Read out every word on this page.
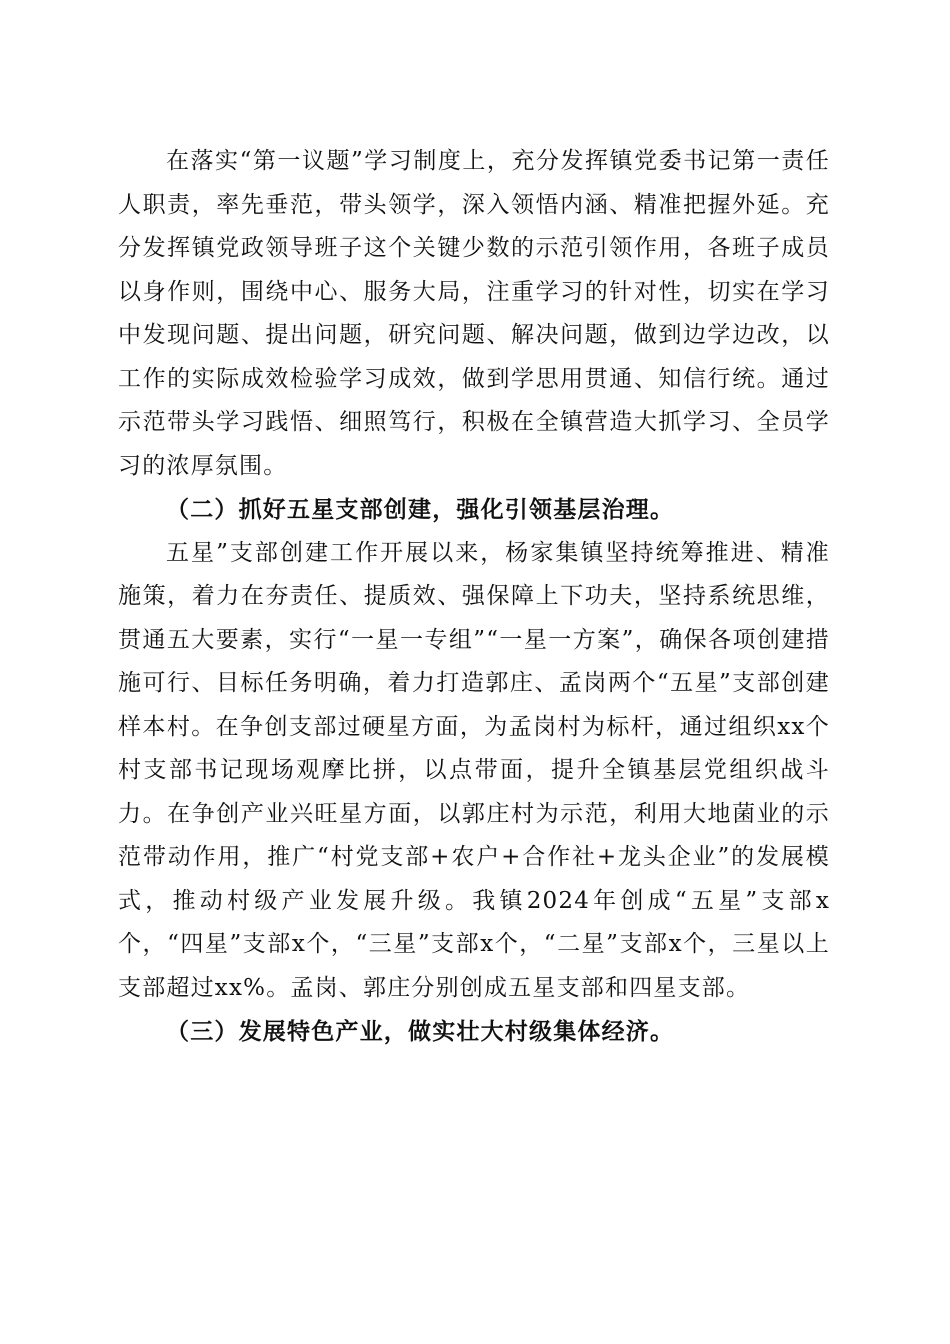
在落实“第一议题”学习制度上，充分发挥镇党委书记第一责任人职责，率先垂范，带头领学，深入领悟内涵、精准把握外延。充分发挥镇党政领导班子这个关键少数的示范引领作用，各班子成员以身作则，围绕中心、服务大局，注重学习的针对性，切实在学习中发现问题、提出问题，研究问题、解决问题，做到边学边改，以工作的实际成效检验学习成效，做到学思用贯通、知信行统。通过示范带头学习践悟、细照笃行，积极在全镇营造大抓学习、全员学习的浓厚氛围。

（二）抓好五星支部创建，强化引领基层治理。

五星”支部创建工作开展以来，杨家集镇坚持统筹推进、精准施策，着力在夯责任、提质效、强保障上下功夫，坚持系统思维，贯通五大要素，实行“一星一专组”“一星一方案”，确保各项创建措施可行、目标任务明确，着力打造郭庄、孟岗两个“五星”支部创建样本村。在争创支部过硬星方面，为孟岗村为标杆，通过组织xx个村支部书记现场观摩比拼，以点带面，提升全镇基层党组织战斗力。在争创产业兴旺星方面，以郭庄村为示范，利用大地菌业的示范带动作用，推广“村党支部+农户+合作社+龙头企业”的发展模式，推动村级产业发展升级。我镇2024年创成“五星”支部x个，“四星”支部x个，“三星”支部x个，“二星”支部x个，三星以上支部超过xx%。孟岗、郭庄分别创成五星支部和四星支部。

（三）发展特色产业，做实壮大村级集体经济。
